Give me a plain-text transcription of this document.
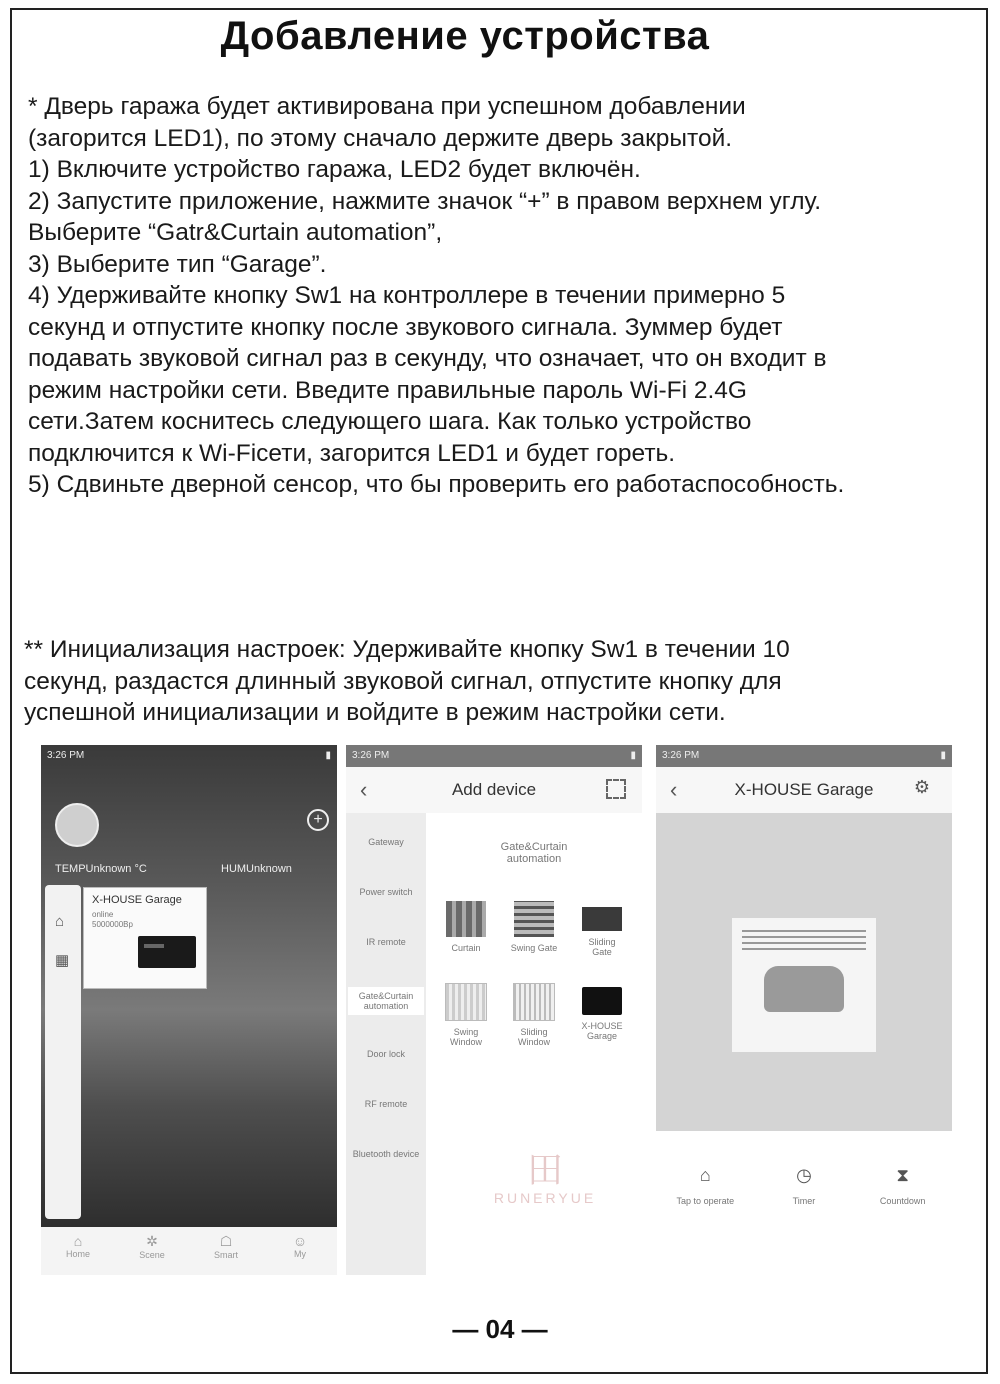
Добавление устройства
* Дверь гаража будет активирована при успешном добавлении
(загорится LED1), по этому сначало держите дверь закрытой.
1) Включите устройство гаража, LED2 будет включён.
2) Запустите приложение, нажмите значок “+” в правом верхнем углу.
Выберите “Gatr&Curtain automation”,
3) Выберите тип “Garage”.
4) Удерживайте кнопку Sw1 на контроллере в течении примерно 5
секунд и отпустите кнопку после звукового сигнала. Зуммер будет
подавать звуковой сигнал раз в секунду, что означает, что он входит в
режим настройки сети. Введите правильные пароль Wi-Fi 2.4G
сети.Затем коснитесь следующего шага. Как только устройство
подключится к Wi-Ficети, загорится LED1 и будет гореть.
5) Сдвиньте дверной сенсор, что бы проверить его работаспособность.
** Инициализация настроек: Удерживайте кнопку Sw1 в течении 10
секунд, раздастся длинный звуковой сигнал, отпустите кнопку для
успешной инициализации и войдите в режим настройки сети.
3:26 PM	▮
+
TEMPUnknown °C	HUMUnknown
⌂
▦
X-HOUSE Garage
online
5000000Bp
⌂
Home
✲
Scene
☖
Smart
☺
My
3:26 PM	▮
‹	Add device
Gateway
Power switch
IR remote
Gate&Curtain automation
Door lock
RF remote
Bluetooth device
Gate&Curtain
automation
Curtain	Swing Gate
Sliding
Gate
Swing
Window
Sliding
Window
X-HOUSE
Garage
3:26 PM	▮
‹	X-HOUSE Garage	⚙
⌂
Tap to operate
◷
Timer
⧗
Countdown
⽥
RUNERYUE
— 04 —
